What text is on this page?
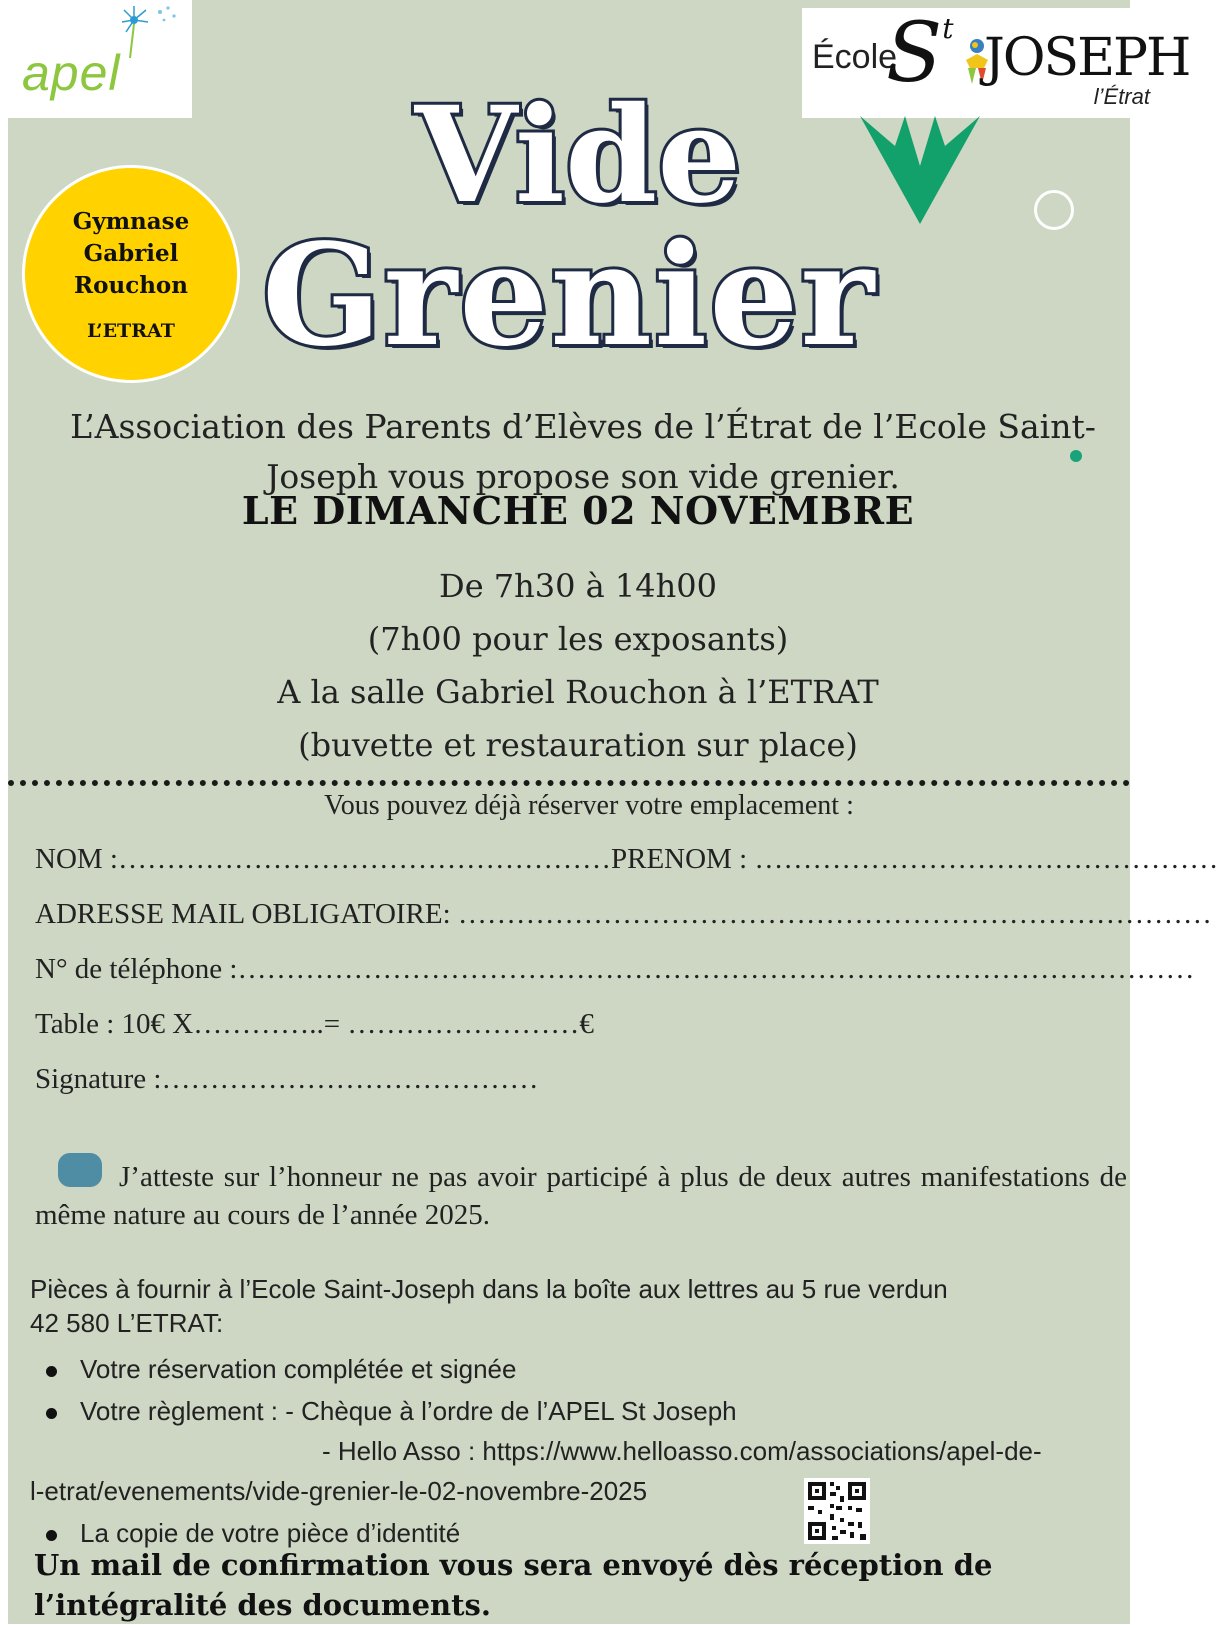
apel	École
$S^t$ JOSEPH
l’Étrat
Gymnase
Gabriel
Rouchon
L’ETRAT
Vide
Grenier
L’Association des Parents d’Elèves de l’Étrat de l’Ecole Saint-
Joseph vous propose son vide grenier.
LE DIMANCHE 02 NOVEMBRE
De 7h30 à 14h00
(7h00 pour les exposants)
A la salle Gabriel Rouchon à l’ETRAT
(buvette et restauration sur place)
Vous pouvez déjà réserver votre emplacement :
NOM :……………………………………………PRENOM : …………………………………………
ADRESSE MAIL OBLIGATOIRE: ……………………………………………………………………
N° de téléphone :………………………………………………………………………………………
Table : 10€ X…………..= ……………………€
Signature :…………………………………
J’atteste sur l’honneur ne pas avoir participé à plus de deux autres manifestations de même nature au cours de l’année 2025.
Pièces à fournir à l’Ecole Saint-Joseph dans la boîte aux lettres au 5 rue verdun
42 580 L’ETRAT:
Votre réservation complétée et signée
Votre règlement : - Chèque à l’ordre de l’APEL St Joseph
- Hello Asso : https://www.helloasso.com/associations/apel-de-
l-etrat/evenements/vide-grenier-le-02-novembre-2025
La copie de votre pièce d’identité
Un mail de confirmation vous sera envoyé dès réception de l’intégralité des documents.
